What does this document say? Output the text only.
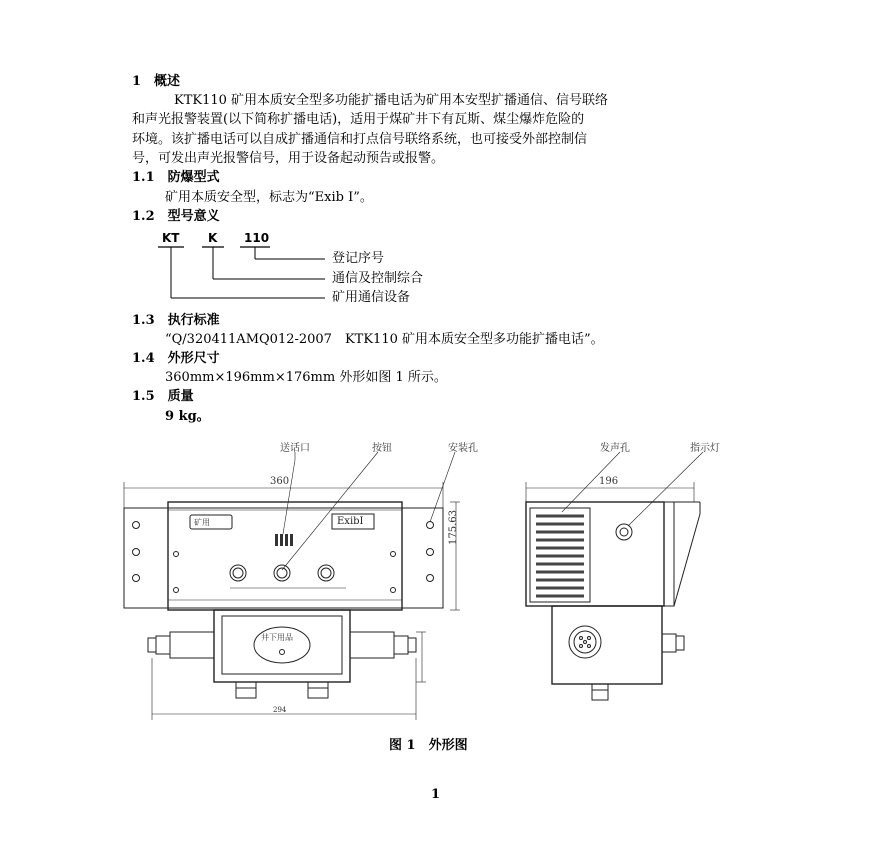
1　概述
KTK110 矿用本质安全型多功能扩播电话为矿用本安型扩播通信、信号联络
和声光报警装置(以下简称扩播电话)，适用于煤矿井下有瓦斯、煤尘爆炸危险的
环境。该扩播电话可以自成扩播通信和打点信号联络系统，也可接受外部控制信
号，可发出声光报警信号，用于设备起动预告或报警。
1.1　防爆型式
矿用本质安全型，标志为“Exib I”。
1.2　型号意义
KT K 110
登记序号
通信及控制综合
矿用通信设备
1.3　执行标准
“Q/320411AMQ012-2007　KTK110 矿用本质安全型多功能扩播电话”。
1.4　外形尺寸
360mm×196mm×176mm 外形如图 1 所示。
1.5　质量
9 kg。
送话口	按钮	安装孔	发声孔	指示灯
360
175.63
196
294
矿用	ExibⅠ
井下用品
图 1　外形图
1
